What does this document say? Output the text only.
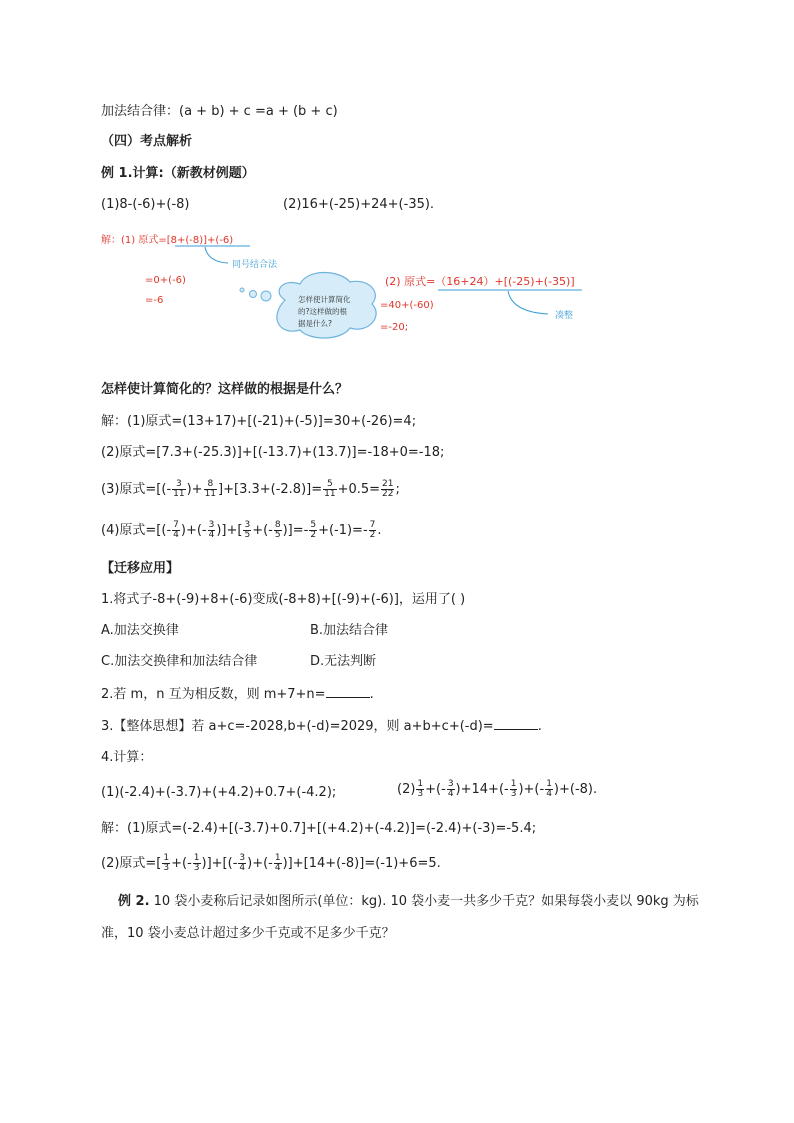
加法结合律：(a + b) + c =a + (b + c)
（四）考点解析
例 1.计算:（新教材例题）
(1)8-(-6)+(-8)	(2)16+(-25)+24+(-35).
解：(1) 原式=[8+(-8)]+(-6)
同号结合法
=0+(-6)
=-6	怎样使计算简化
的?这样做的根
据是什么?
(2) 原式=（16+24）+[(-25)+(-35)]
凑整
=40+(-60)
=-20;
怎样使计算简化的？这样做的根据是什么？
解：(1)原式=(13+17)+[(-21)+(-5)]=30+(-26)=4;
(2)原式=[7.3+(-25.3)]+[(-13.7)+(13.7)]=-18+0=-18;
(3)原式=[(- $\frac{3}{11}$ )+ $\frac{8}{11} ]+[3.3+(-2.8)]= \frac{5}{11} +0.5= \frac{21}{22}$ ;
(4)原式=[(- $\frac{7}{4}$ )+(- $\frac{3}{4}$ )]+[ $\frac{3}{5}$ +(- $\frac{8}{5}$ )]=- $\frac{5}{2} +(-1)=- \frac{7}{2}$ .
【迁移应用】
1.将式子-8+(-9)+8+(-6)变成(-8+8)+[(-9)+(-6)]，运用了( )
A.加法交换律	B.加法结合律
C.加法交换律和加法结合律	D.无法判断
2.若 m，n 互为相反数，则 m+7+n=	.
3.【整体思想】若 a+c=-2028,b+(-d)=2029，则 a+b+c+(-d)=	.
4.计算：
(1)(-2.4)+(-3.7)+(+4.2)+0.7+(-4.2);	$(2) \frac{1}{3}$ +(- $\frac{3}{4} )+14+(- \frac{1}{3}$ )+(- $\frac{1}{4} )+(-8)$.
解：(1)原式=(-2.4)+[(-3.7)+0.7]+[(+4.2)+(-4.2)]=(-2.4)+(-3)=-5.4;
(2)原式=[ $\frac{1}{3}$ +(- $\frac{1}{3}$ )]+[(- $\frac{3}{4}$ )+(- $\frac{1}{4} )]+[14+(-8)]=(-1)+6=5$.
例 2. 10 袋小麦称后记录如图所示(单位：kg). 10 袋小麦一共多少千克？如果每袋小麦以 90kg 为标
准，10 袋小麦总计超过多少千克或不足多少千克？
